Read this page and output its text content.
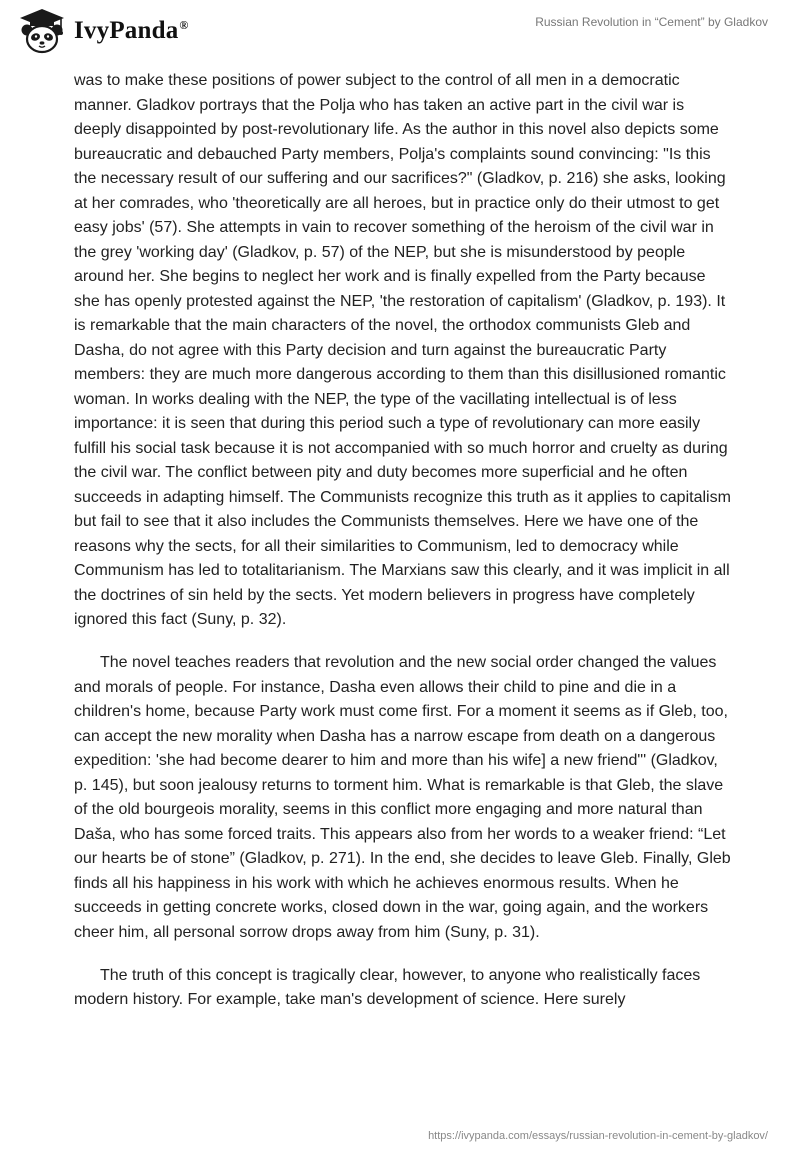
IvyPanda®	Russian Revolution in “Cement” by Gladkov

was to make these positions of power subject to the control of all men in a democratic manner. Gladkov portrays that the Polja who has taken an active part in the civil war is deeply disappointed by post-revolutionary life. As the author in this novel also depicts some bureaucratic and debauched Party members, Polja's complaints sound convincing: "Is this the necessary result of our suffering and our sacrifices?" (Gladkov, p. 216) she asks, looking at her comrades, who 'theoretically are all heroes, but in practice only do their utmost to get easy jobs' (57). She attempts in vain to recover something of the heroism of the civil war in the grey 'working day' (Gladkov, p. 57) of the NEP, but she is misunderstood by people around her. She begins to neglect her work and is finally expelled from the Party because she has openly protested against the NEP, 'the restoration of capitalism' (Gladkov, p. 193). It is remarkable that the main characters of the novel, the orthodox communists Gleb and Dasha, do not agree with this Party decision and turn against the bureaucratic Party members: they are much more dangerous according to them than this disillusioned romantic woman. In works dealing with the NEP, the type of the vacillating intellectual is of less importance: it is seen that during this period such a type of revolutionary can more easily fulfill his social task because it is not accompanied with so much horror and cruelty as during the civil war. The conflict between pity and duty becomes more superficial and he often succeeds in adapting himself. The Communists recognize this truth as it applies to capitalism but fail to see that it also includes the Communists themselves. Here we have one of the reasons why the sects, for all their similarities to Communism, led to democracy while Communism has led to totalitarianism. The Marxians saw this clearly, and it was implicit in all the doctrines of sin held by the sects. Yet modern believers in progress have completely ignored this fact (Suny, p. 32).

The novel teaches readers that revolution and the new social order changed the values and morals of people. For instance, Dasha even allows their child to pine and die in a children's home, because Party work must come first. For a moment it seems as if Gleb, too, can accept the new morality when Dasha has a narrow escape from death on a dangerous expedition: 'she had become dearer to him and more than his wife] a new friend"' (Gladkov, p. 145), but soon jealousy returns to torment him. What is remarkable is that Gleb, the slave of the old bourgeois morality, seems in this conflict more engaging and more natural than Daša, who has some forced traits. This appears also from her words to a weaker friend: “Let our hearts be of stone” (Gladkov, p. 271). In the end, she decides to leave Gleb. Finally, Gleb finds all his happiness in his work with which he achieves enormous results. When he succeeds in getting concrete works, closed down in the war, going again, and the workers cheer him, all personal sorrow drops away from him (Suny, p. 31).

The truth of this concept is tragically clear, however, to anyone who realistically faces modern history. For example, take man's development of science. Here surely

https://ivypanda.com/essays/russian-revolution-in-cement-by-gladkov/
